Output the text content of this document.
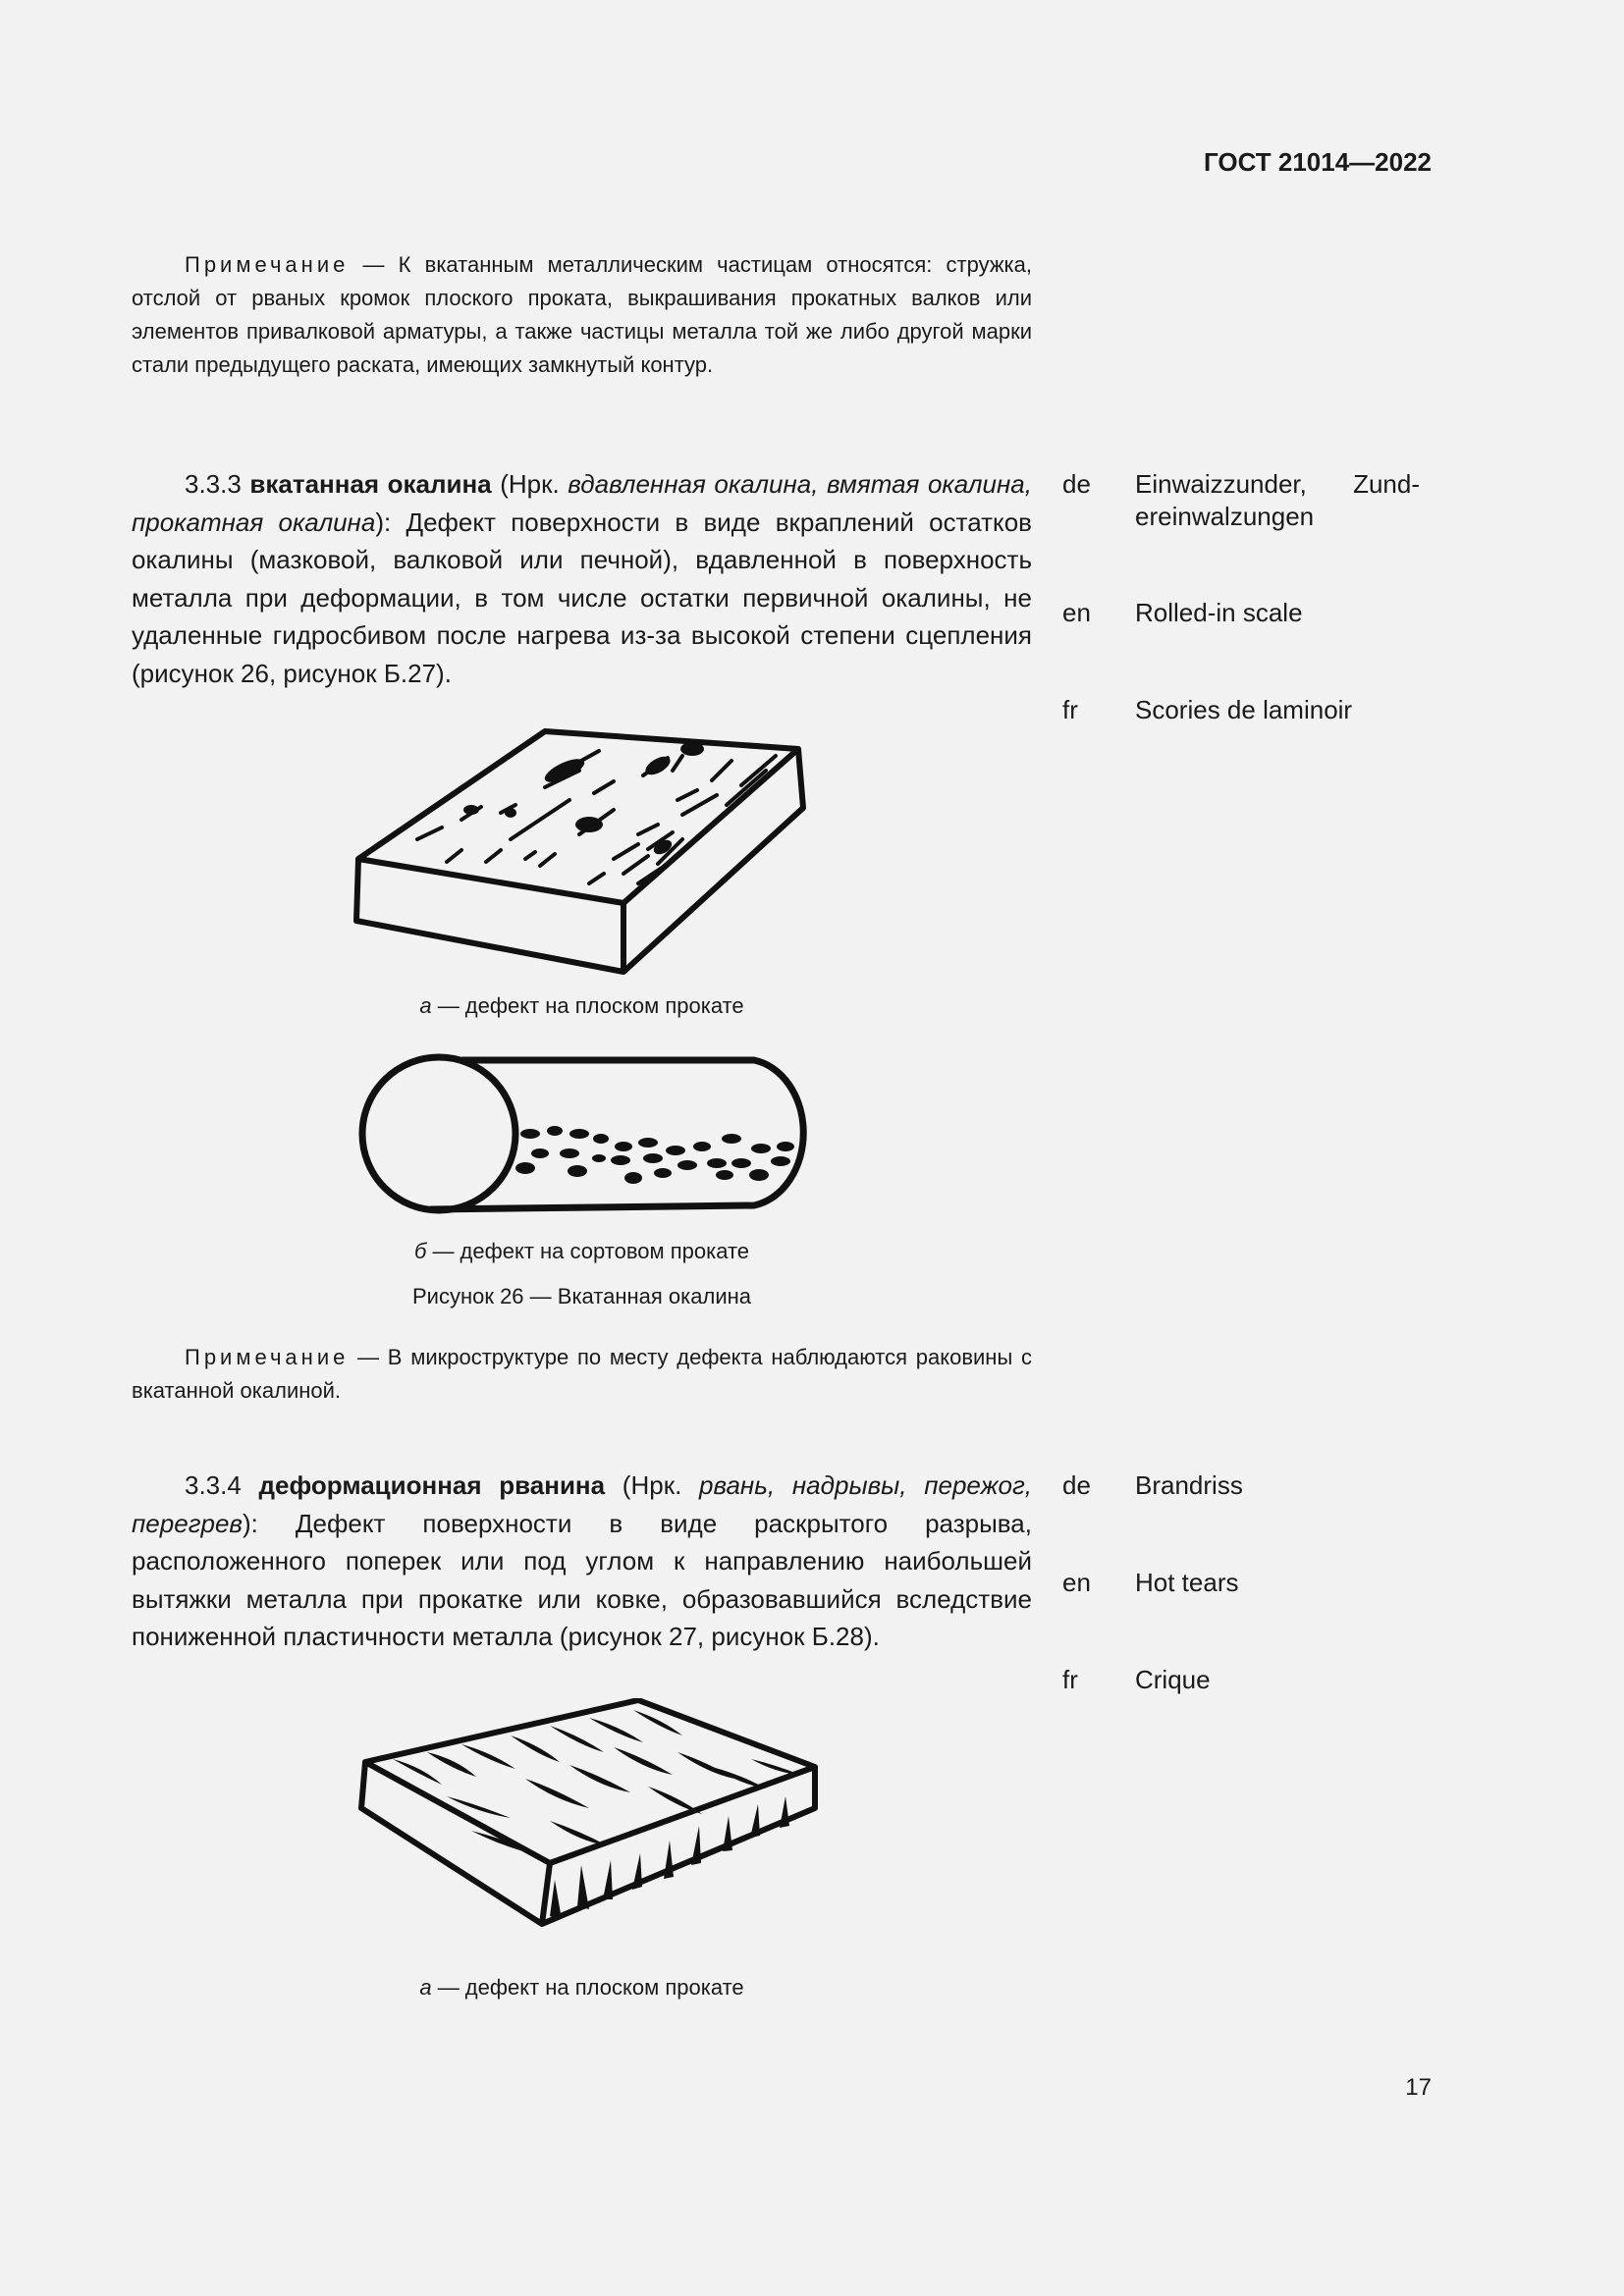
ГОСТ 21014—2022
Примечание — К вкатанным металлическим частицам относятся: стружка, отслой от рваных кромок плоского проката, выкрашивания прокатных валков или элементов привалковой арматуры, а также частицы металла той же либо другой марки стали предыдущего раската, имеющих замкнутый контур.
3.3.3 вкатанная окалина (Нрк. вдавленная окалина, вмятая окалина, прокатная окалина): Дефект поверхности в виде вкраплений остатков окалины (мазковой, валковой или печной), вдавленной в поверхность металла при деформации, в том числе остатки первичной окалины, не удаленные гидросбивом после нагрева из-за высокой степени сцепления (рисунок 26, рисунок Б.27).
de	Einwaizzunder, Zund-ereinwalzungen
en	Rolled-in scale
fr	Scories de laminoir
а — дефект на плоском прокате
б — дефект на сортовом прокате
Рисунок 26 — Вкатанная окалина
Примечание — В микроструктуре по месту дефекта наблюдаются раковины с вкатанной окалиной.
3.3.4 деформационная рванина (Нрк. рвань, надрывы, пережог, перегрев): Дефект поверхности в виде раскрытого разрыва, расположенного поперек или под углом к направлению наибольшей вытяжки металла при прокатке или ковке, образовавшийся вследствие пониженной пластичности металла (рисунок 27, рисунок Б.28).
de	Brandriss
en	Hot tears
fr	Crique
а — дефект на плоском прокате
17
